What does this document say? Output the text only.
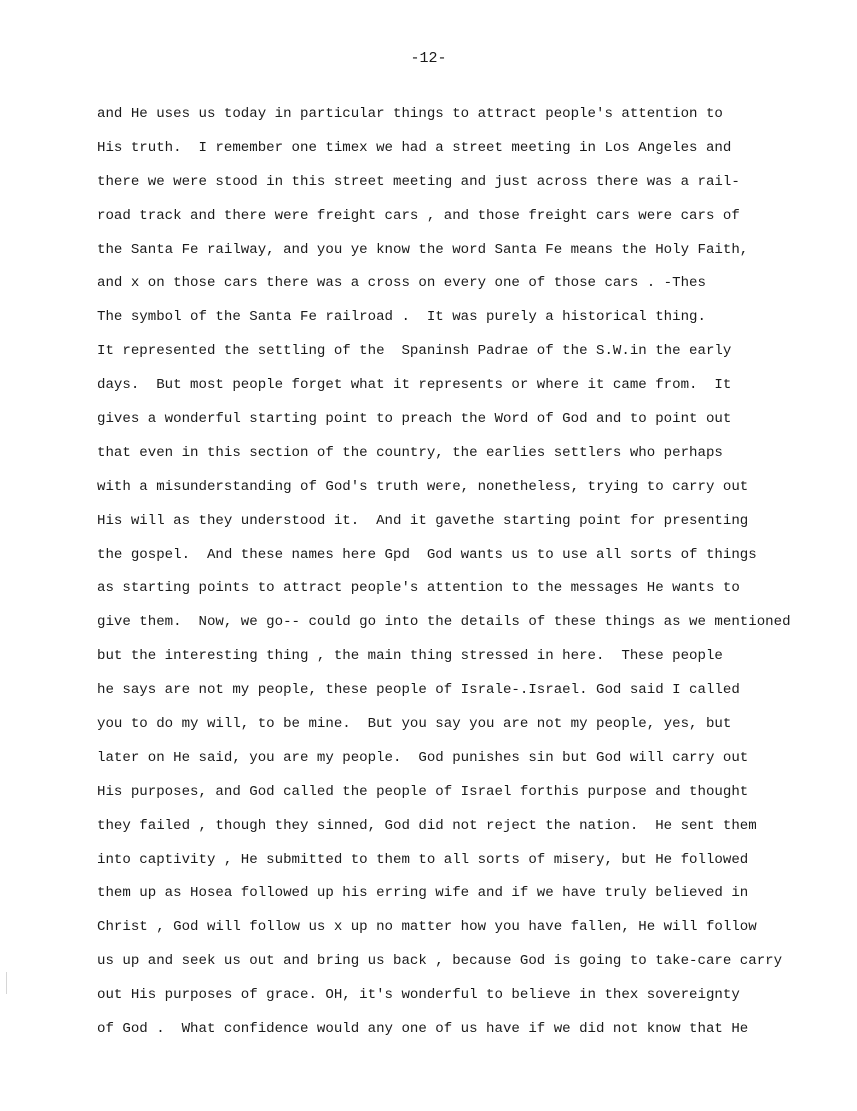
-12-
and He uses us today in particular things to attract people's attention to
His truth.  I remember one timex we had a street meeting in Los Angeles and
there we were stood in this street meeting and just across there was a rail-
road track and there were freight cars , and those freight cars were cars of
the Santa Fe railway, and you ye know the word Santa Fe means the Holy Faith,
and x on those cars there was a cross on every one of those cars . -Thes
The symbol of the Santa Fe railroad .  It was purely a historical thing.
It represented the settling of the  Spaninsh Padrae of the S.W.in the early
days.  But most people forget what it represents or where it came from.  It
gives a wonderful starting point to preach the Word of God and to point out
that even in this section of the country, the earlies settlers who perhaps
with a misunderstanding of God's truth were, nonetheless, trying to carry out
His will as they understood it.  And it gavethe starting point for presenting
the gospel.  And these names here Gpd  God wants us to use all sorts of things
as starting points to attract people's attention to the messages He wants to
give them.  Now, we go-- could go into the details of these things as we mentioned
but the interesting thing , the main thing stressed in here.  These people
he says are not my people, these people of Israle-.Israel. God said I called
you to do my will, to be mine.  But you say you are not my people, yes, but
later on He said, you are my people.  God punishes sin but God will carry out
His purposes, and God called the people of Israel forthis purpose and thought
they failed , though they sinned, God did not reject the nation.  He sent them
into captivity , He submitted to them to all sorts of misery, but He followed
them up as Hosea followed up his erring wife and if we have truly believed in
Christ , God will follow us x up no matter how you have fallen, He will follow
us up and seek us out and bring us back , because God is going to take-care carry
out His purposes of grace. OH, it's wonderful to believe in thex sovereignty
of God .  What confidence would any one of us have if we did not know that He
